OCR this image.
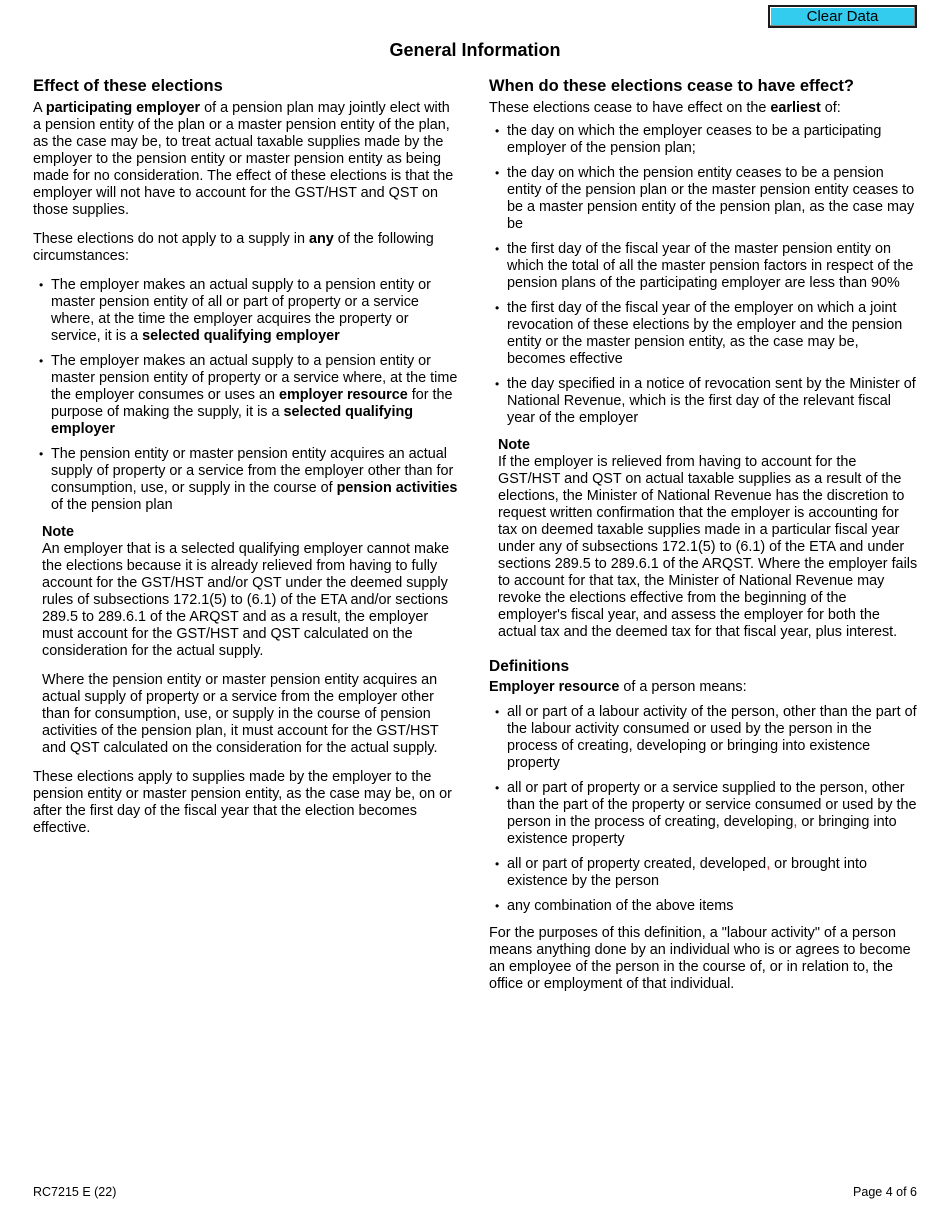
Clear Data
General Information
Effect of these elections

A participating employer of a pension plan may jointly elect with a pension entity of the plan or a master pension entity of the plan, as the case may be, to treat actual taxable supplies made by the employer to the pension entity or master pension entity as being made for no consideration. The effect of these elections is that the employer will not have to account for the GST/HST and QST on those supplies.

These elections do not apply to a supply in any of the following circumstances:

• The employer makes an actual supply to a pension entity or master pension entity of all or part of property or a service where, at the time the employer acquires the property or service, it is a selected qualifying employer
• The employer makes an actual supply to a pension entity or master pension entity of property or a service where, at the time the employer consumes or uses an employer resource for the purpose of making the supply, it is a selected qualifying employer
• The pension entity or master pension entity acquires an actual supply of property or a service from the employer other than for consumption, use, or supply in the course of pension activities of the pension plan

Note

An employer that is a selected qualifying employer cannot make the elections because it is already relieved from having to fully account for the GST/HST and/or QST under the deemed supply rules of subsections 172.1(5) to (6.1) of the ETA and/or sections 289.5 to 289.6.1 of the ARQST and as a result, the employer must account for the GST/HST and QST calculated on the consideration for the actual supply.

Where the pension entity or master pension entity acquires an actual supply of property or a service from the employer other than for consumption, use, or supply in the course of pension activities of the pension plan, it must account for the GST/HST and QST calculated on the consideration for the actual supply.

These elections apply to supplies made by the employer to the pension entity or master pension entity, as the case may be, on or after the first day of the fiscal year that the election becomes effective.

When do these elections cease to have effect?

These elections cease to have effect on the earliest of:

• the day on which the employer ceases to be a participating employer of the pension plan;
• the day on which the pension entity ceases to be a pension entity of the pension plan or the master pension entity ceases to be a master pension entity of the pension plan, as the case may be
• the first day of the fiscal year of the master pension entity on which the total of all the master pension factors in respect of the pension plans of the participating employer are less than 90%
• the first day of the fiscal year of the employer on which a joint revocation of these elections by the employer and the pension entity or the master pension entity, as the case may be, becomes effective
• the day specified in a notice of revocation sent by the Minister of National Revenue, which is the first day of the relevant fiscal year of the employer

Note

If the employer is relieved from having to account for the GST/HST and QST on actual taxable supplies as a result of the elections, the Minister of National Revenue has the discretion to request written confirmation that the employer is accounting for tax on deemed taxable supplies made in a particular fiscal year under any of subsections 172.1(5) to (6.1) of the ETA and under sections 289.5 to 289.6.1 of the ARQST. Where the employer fails to account for that tax, the Minister of National Revenue may revoke the elections effective from the beginning of the employer's fiscal year, and assess the employer for both the actual tax and the deemed tax for that fiscal year, plus interest.

Definitions

Employer resource of a person means:

• all or part of a labour activity of the person, other than the part of the labour activity consumed or used by the person in the process of creating, developing or bringing into existence property
• all or part of property or a service supplied to the person, other than the part of the property or service consumed or used by the person in the process of creating, developing, or bringing into existence property
• all or part of property created, developed, or brought into existence by the person
• any combination of the above items

For the purposes of this definition, a "labour activity" of a person means anything done by an individual who is or agrees to become an employee of the person in the course of, or in relation to, the office or employment of that individual.

RC7215 E (22)	Page 4 of 6
